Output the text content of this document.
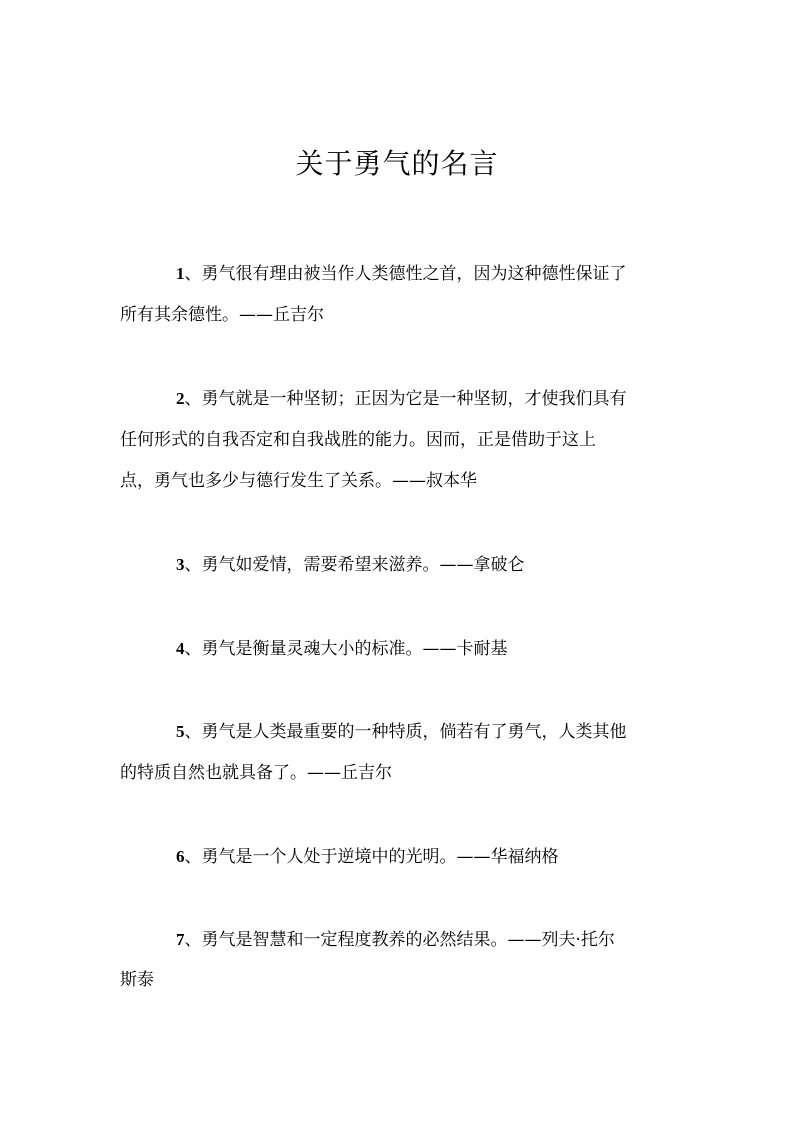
关于勇气的名言
1、勇气很有理由被当作人类德性之首，因为这种德性保证了
所有其余德性。——丘吉尔
2、勇气就是一种坚韧；正因为它是一种坚韧，才使我们具有
任何形式的自我否定和自我战胜的能力。因而，正是借助于这上
点，勇气也多少与德行发生了关系。——叔本华
3、勇气如爱情，需要希望来滋养。——拿破仑
4、勇气是衡量灵魂大小的标准。——卡耐基
5、勇气是人类最重要的一种特质，倘若有了勇气，人类其他
的特质自然也就具备了。——丘吉尔
6、勇气是一个人处于逆境中的光明。——华福纳格
7、勇气是智慧和一定程度教养的必然结果。——列夫·托尔
斯泰
